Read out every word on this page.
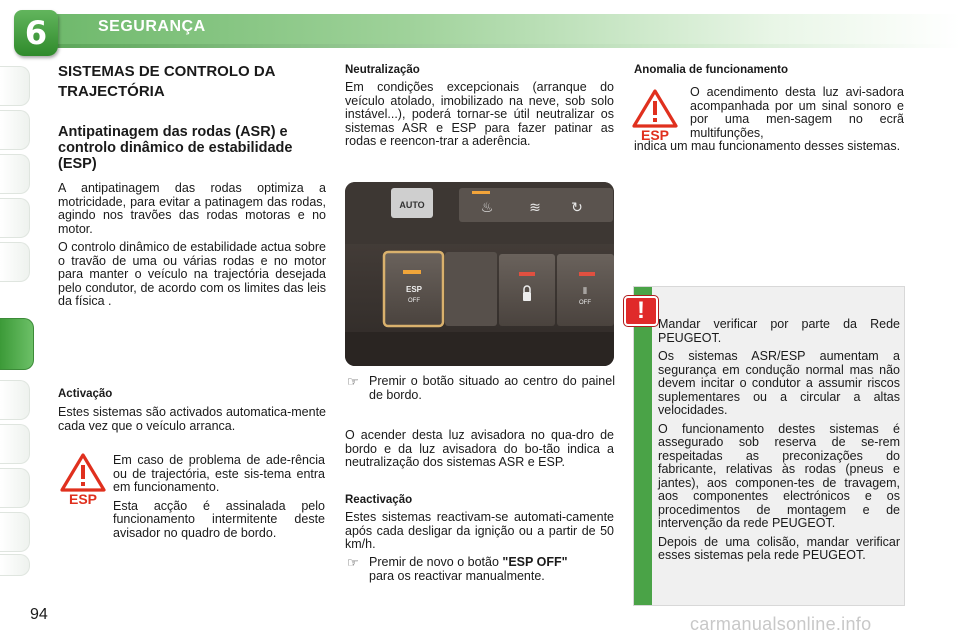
6	SEGURANÇA
SISTEMAS DE CONTROLO DA TRAJECTÓRIA
Antipatinagem das rodas (ASR) e controlo dinâmico de estabilidade (ESP)

A antipatinagem das rodas optimiza a motricidade, para evitar a patinagem das rodas, agindo nos travões das rodas motoras e no motor.

O controlo dinâmico de estabilidade actua sobre o travão de uma ou várias rodas e no motor para manter o veículo na trajectória desejada pelo condutor, de acordo com os limites das leis da física .

Activação
Estes sistemas são activados automatica-mente cada vez que o veículo arranca.
ESP

Em caso de problema de ade-rência ou de trajectória, este sis-tema entra em funcionamento.

Esta acção é assinalada pelo funcionamento intermitente deste avisador no quadro de bordo.

Neutralização
Em condições excepcionais (arranque do veículo atolado, imobilizado na neve, sob solo instável...), poderá tornar-se útil neutralizar os sistemas ASR e ESP para fazer patinar as rodas e reencon-trar a aderência.
AUTO	♨	≋ ↻
ESP
OFF
⦀
OFF
☞ Premir o botão situado ao centro do painel de bordo.
O acender desta luz avisadora no qua-dro de bordo e da luz avisadora do bo-tão indica a neutralização dos sistemas ASR e ESP.
Reactivação
Estes sistemas reactivam-se automati-camente após cada desligar da ignição ou a partir de 50 km/h.
☞ Premir de novo o botão "ESP OFF"
para os reactivar manualmente.
Anomalia de funcionamento
ESP
O acendimento desta luz avi-sadora acompanhada por um sinal sonoro e por uma men-sagem no ecrã multifunções,
indica um mau funcionamento desses sistemas.

Mandar verificar por parte da Rede PEUGEOT.

Os sistemas ASR/ESP aumentam a segurança em condução normal mas não devem incitar o condutor a assumir riscos suplementares ou a circular a altas velocidades.

O funcionamento destes sistemas é assegurado sob reserva de se-rem respeitadas as preconizações do fabricante, relativas às rodas (pneus e jantes), aos componen-tes de travagem, aos componentes electrónicos e os procedimentos de montagem e de intervenção da rede PEUGEOT.

Depois de uma colisão, mandar verificar esses sistemas pela rede PEUGEOT.

!
94	carmanualsonline.info
